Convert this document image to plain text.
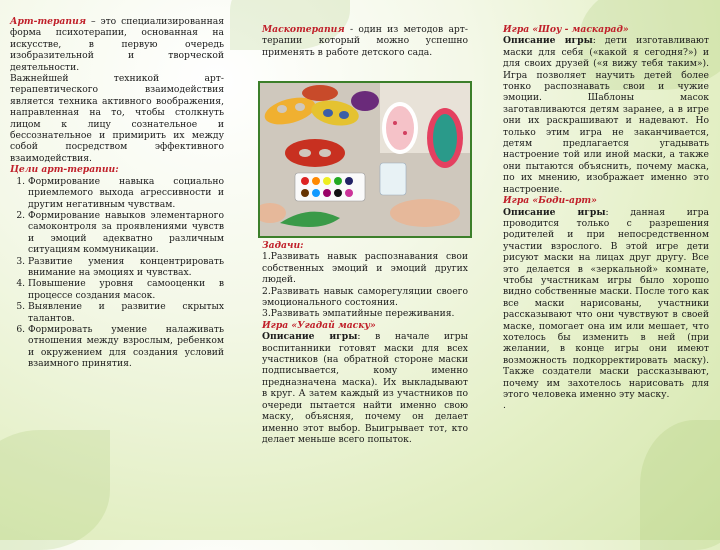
Арт-терапия – это специализированная форма психотерапии, основанная на искусстве, в первую очередь изобразительной и творческой деятельности.

Важнейшей техникой арт-терапевтического взаимодействия является техника активного воображения, направленная на то, чтобы столкнуть лицом к лицу сознательное и бессознательное и примирить их между собой посредством эффективного взаимодействия.

Цели арт-терапии:

1. Формирование навыка социально приемлемого выхода агрессивности и другим негативным чувствам.
2. Формирование навыков элементарного самоконтроля за проявлениями чувств и эмоций адекватно различным ситуациям коммуникации.
3. Развитие умения концентрировать внимание на эмоциях и чувствах.
4. Повышение уровня самооценки в процессе создания масок.
5. Выявление и развитие скрытых талантов.
6. Формировать умение налаживать отношения между взрослым, ребенком и окружением для создания условий взаимного принятия.

Маскотерапия - один из методов арт-терапии который можно успешно применять в работе детского сада.

Задачи:

1.Развивать навык распознавания свои собственных эмоций и эмоций других людей.

2.Развивать навык саморегуляции своего эмоционального состояния.

3.Развивать эмпатийные переживания.

Игра «Угадай маску»

Описание игры: в начале игры воспитанники готовят маски для всех участников (на обратной стороне маски подписывается, кому именно предназначена маска). Их выкладывают в круг. А затем каждый из участников по очереди пытается найти именно свою маску, объясняя, почему он делает именно этот выбор. Выигрывает тот, кто делает меньше всего попыток.

Игра «Шоу - маскарад»

Описание игры: дети изготавливают маски для себя («какой я сегодня?») и для своих друзей («я вижу тебя таким»). Игра позволяет научить детей более тонко распознавать свои и чужие эмоции. Шаблоны масок заготавливаются детям заранее, а в игре они их раскрашивают и надевают. Но только этим игра не заканчивается, детям предлагается угадывать настроение той или иной маски, а также они пытаются объяснить, почему маска, по их мнению, изображает именно это настроение.

Игра «Боди-арт»

Описание игры: данная игра проводится только с разрешения родителей и при непосредственном участии взрослого. В этой игре дети рисуют маски на лицах друг другу. Все это делается в «зеркальной» комнате, чтобы участникам игры было хорошо видно собственные маски. После того как все маски нарисованы, участники рассказывают что они чувствуют в своей маске, помогает она им или мешает, что хотелось бы изменить в ней (при желании, в конце игры они имеют возможность подкорректировать маску). Также создатели маски рассказывают, почему им захотелось нарисовать для этого человека именно эту маску.

.
